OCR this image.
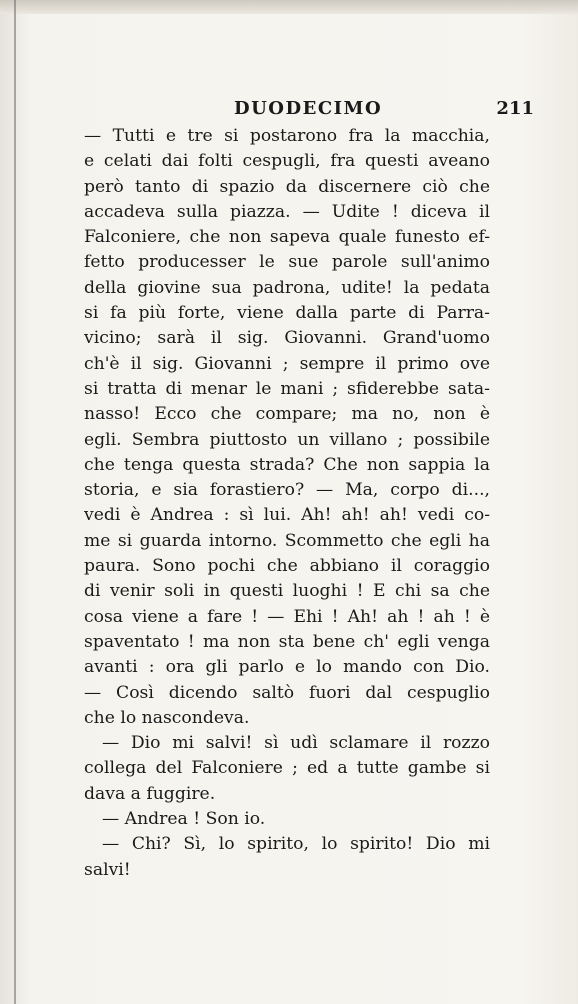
DUODECIMO	211
— Tutti e tre si postarono fra la macchia,
e celati dai folti cespugli, fra questi aveano
però tanto di spazio da discernere ciò che
accadeva sulla piazza. — Udite ! diceva il
Falconiere, che non sapeva quale funesto ef-
fetto producesser le sue parole sull'animo
della giovine sua padrona, udite! la pedata
si fa più forte, viene dalla parte di Parra-
vicino; sarà il sig. Giovanni. Grand'uomo
ch'è il sig. Giovanni ; sempre il primo ove
si tratta di menar le mani ; sfiderebbe sata-
nasso! Ecco che compare; ma no, non è
egli. Sembra piuttosto un villano ; possibile
che tenga questa strada? Che non sappia la
storia, e sia forastiero? — Ma, corpo di...,
vedi è Andrea : sì lui. Ah! ah! ah! vedi co-
me si guarda intorno. Scommetto che egli ha
paura. Sono pochi che abbiano il coraggio
di venir soli in questi luoghi ! E chi sa che
cosa viene a fare ! — Ehi ! Ah! ah ! ah ! è
spaventato ! ma non sta bene ch' egli venga
avanti : ora gli parlo e lo mando con Dio.
— Così dicendo saltò fuori dal cespuglio
che lo nascondeva.
— Dio mi salvi! sì udì sclamare il rozzo
collega del Falconiere ; ed a tutte gambe si
dava a fuggire.
— Andrea ! Son io.
— Chi? Sì, lo spirito, lo spirito! Dio mi
salvi!
